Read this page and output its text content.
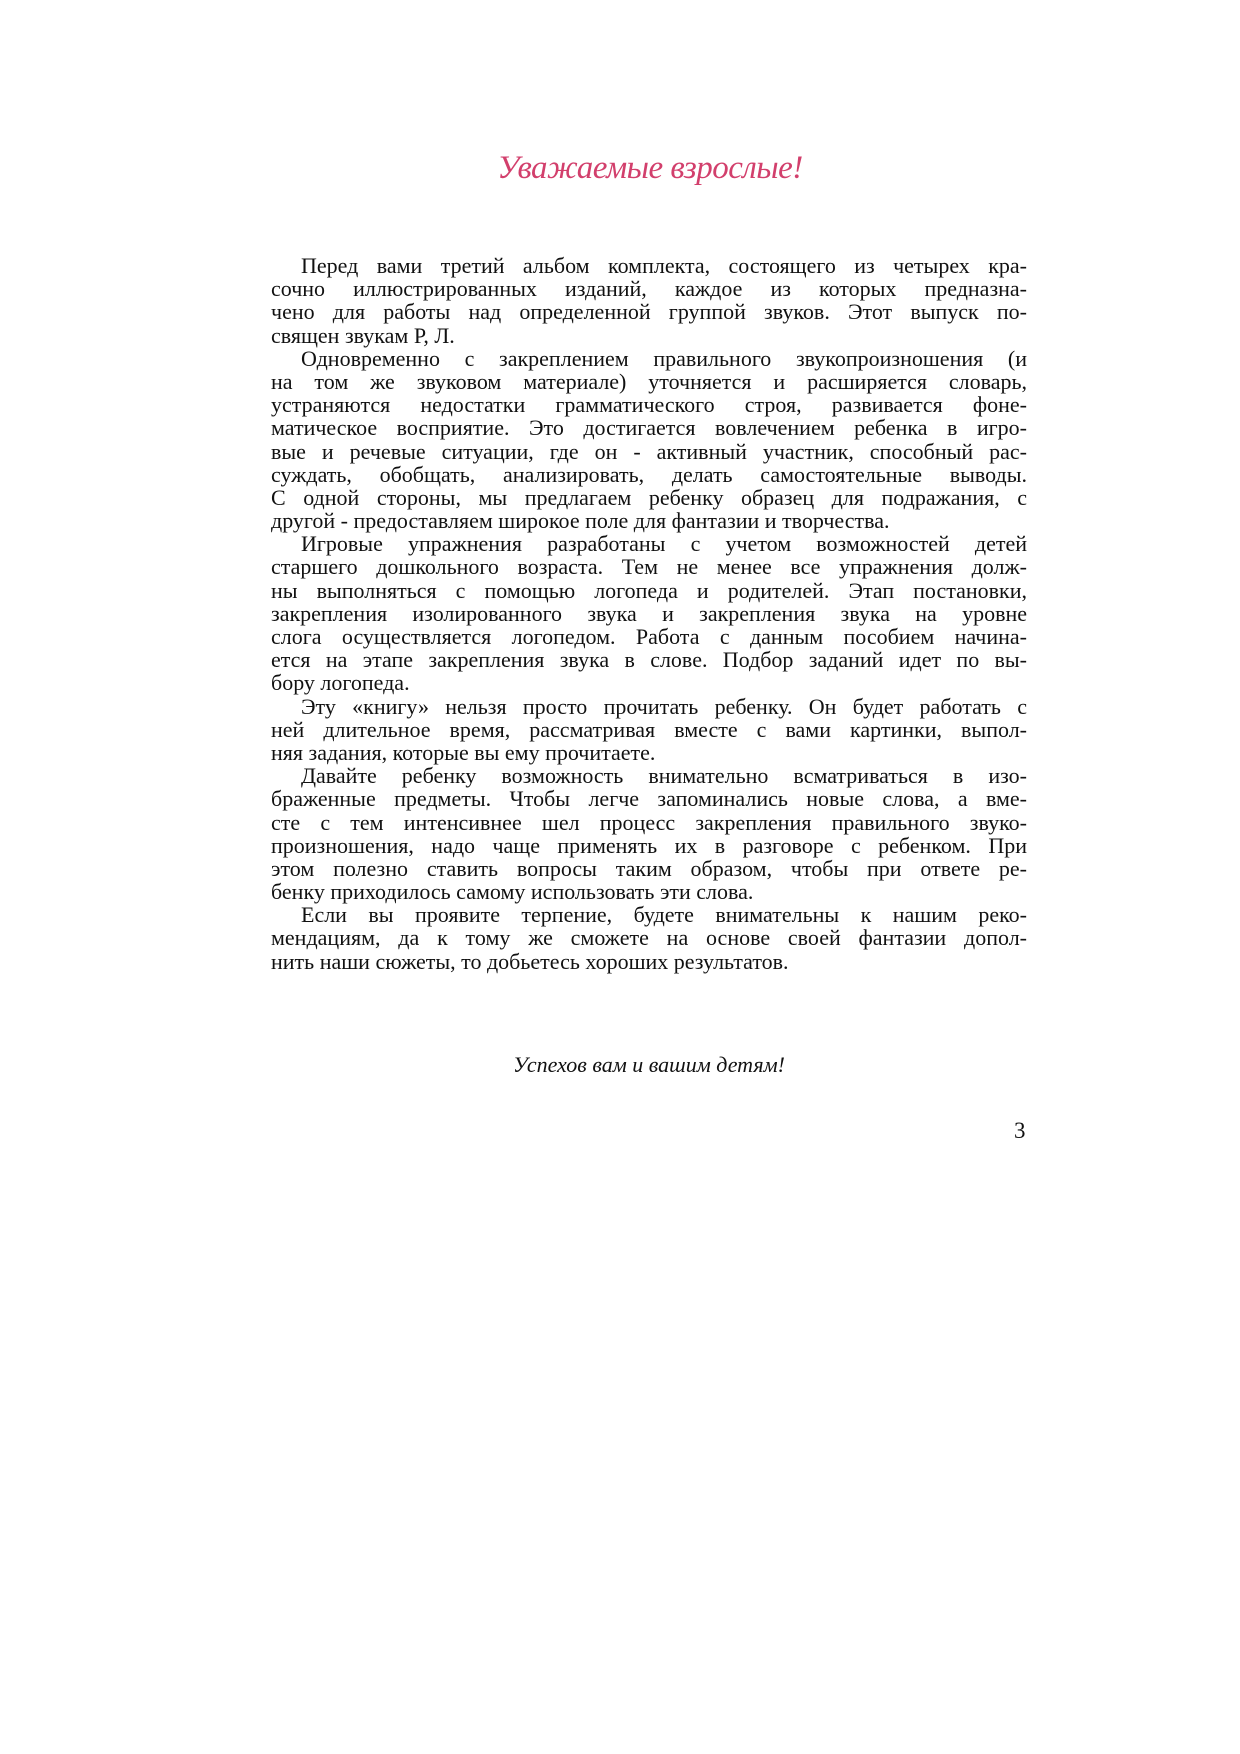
Уважаемые взрослые!
Перед вами третий альбом комплекта, состоящего из четырех кра-
сочно иллюстрированных изданий, каждое из которых предназна-
чено для работы над определенной группой звуков. Этот выпуск по-
священ звукам Р, Л.
Одновременно с закреплением правильного звукопроизношения (и
на том же звуковом материале) уточняется и расширяется словарь,
устраняются недостатки грамматического строя, развивается фоне-
матическое восприятие. Это достигается вовлечением ребенка в игро-
вые и речевые ситуации, где он - активный участник, способный рас-
суждать, обобщать, анализировать, делать самостоятельные выводы.
С одной стороны, мы предлагаем ребенку образец для подражания, с
другой - предоставляем широкое поле для фантазии и творчества.
Игровые упражнения разработаны с учетом возможностей детей
старшего дошкольного возраста. Тем не менее все упражнения долж-
ны выполняться с помощью логопеда и родителей. Этап постановки,
закрепления изолированного звука и закрепления звука на уровне
слога осуществляется логопедом. Работа с данным пособием начина-
ется на этапе закрепления звука в слове. Подбор заданий идет по вы-
бору логопеда.
Эту «книгу» нельзя просто прочитать ребенку. Он будет работать с
ней длительное время, рассматривая вместе с вами картинки, выпол-
няя задания, которые вы ему прочитаете.
Давайте ребенку возможность внимательно всматриваться в изо-
браженные предметы. Чтобы легче запоминались новые слова, а вме-
сте с тем интенсивнее шел процесс закрепления правильного звуко-
произношения, надо чаще применять их в разговоре с ребенком. При
этом полезно ставить вопросы таким образом, чтобы при ответе ре-
бенку приходилось самому использовать эти слова.
Если вы проявите терпение, будете внимательны к нашим реко-
мендациям, да к тому же сможете на основе своей фантазии допол-
нить наши сюжеты, то добьетесь хороших результатов.
Успехов вам и вашим детям!
3
